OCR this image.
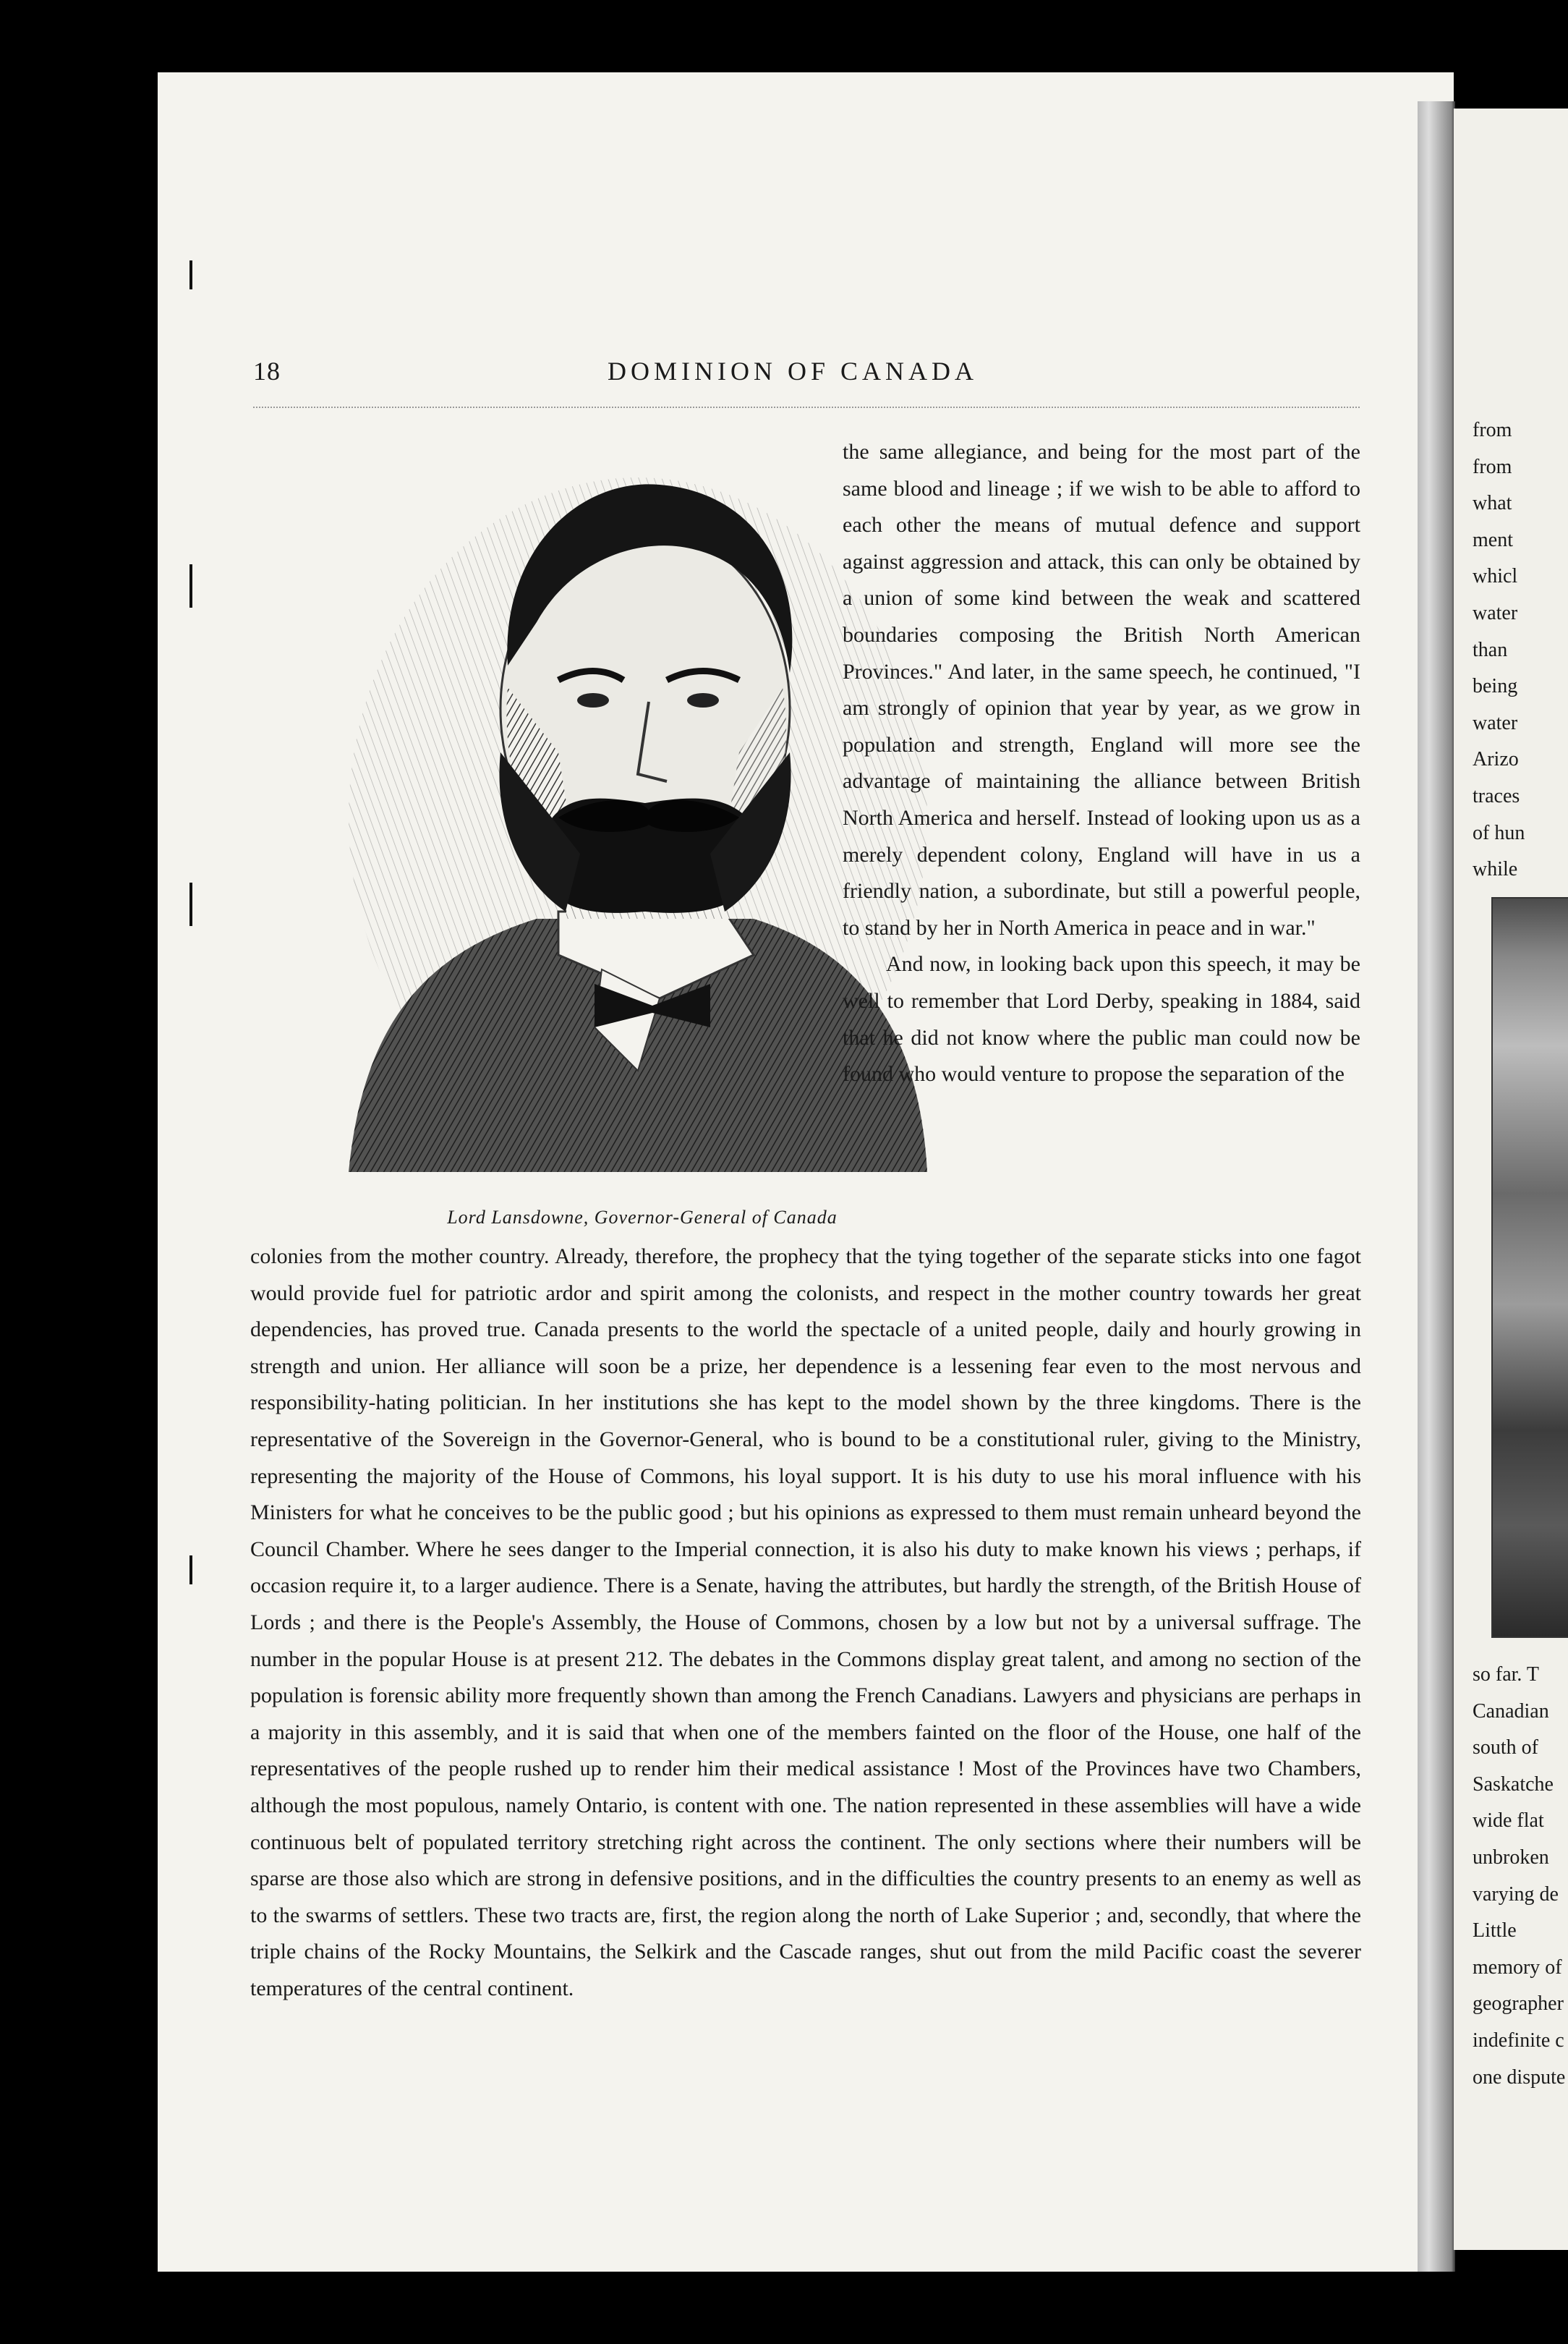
18	DOMINION OF CANADA
Lord Lansdowne, Governor-General of Canada

the same allegiance, and being for the most part of the same blood and lineage ; if we wish to be able to afford to each other the means of mutual defence and support against aggression and attack, this can only be obtained by a union of some kind between the weak and scattered boundaries composing the British North American Provinces." And later, in the same speech, he continued, "I am strongly of opinion that year by year, as we grow in population and strength, England will more see the advantage of maintaining the alliance between British North America and herself. Instead of looking upon us as a merely dependent colony, England will have in us a friendly nation, a subordinate, but still a powerful people, to stand by her in North America in peace and in war."

And now, in looking back upon this speech, it may be well to remember that Lord Derby, speaking in 1884, said that he did not know where the public man could now be found who would venture to propose the separation of the

colonies from the mother country. Already, therefore, the prophecy that the tying together of the separate sticks into one fagot would provide fuel for patriotic ardor and spirit among the colonists, and respect in the mother country towards her great dependencies, has proved true. Canada presents to the world the spectacle of a united people, daily and hourly growing in strength and union. Her alliance will soon be a prize, her dependence is a lessening fear even to the most nervous and responsibility-hating politician. In her institutions she has kept to the model shown by the three kingdoms. There is the representative of the Sovereign in the Governor-General, who is bound to be a constitutional ruler, giving to the Ministry, representing the majority of the House of Commons, his loyal support. It is his duty to use his moral influence with his Ministers for what he conceives to be the public good ; but his opinions as expressed to them must remain unheard beyond the Council Chamber. Where he sees danger to the Imperial connection, it is also his duty to make known his views ; perhaps, if occasion require it, to a larger audience. There is a Senate, having the attributes, but hardly the strength, of the British House of Lords ; and there is the People's Assembly, the House of Commons, chosen by a low but not by a universal suffrage. The number in the popular House is at present 212. The debates in the Commons display great talent, and among no section of the population is forensic ability more frequently shown than among the French Canadians. Lawyers and physicians are perhaps in a majority in this assembly, and it is said that when one of the members fainted on the floor of the House, one half of the representatives of the people rushed up to render him their medical assistance ! Most of the Provinces have two Chambers, although the most populous, namely Ontario, is content with one. The nation represented in these assemblies will have a wide continuous belt of populated territory stretching right across the continent. The only sections where their numbers will be sparse are those also which are strong in defensive positions, and in the difficulties the country presents to an enemy as well as to the swarms of settlers. These two tracts are, first, the region along the north of Lake Superior ; and, secondly, that where the triple chains of the Rocky Mountains, the Selkirk and the Cascade ranges, shut out from the mild Pacific coast the severer temperatures of the central continent.

from
from
what
ment
whicl
water
than
being
water
Arizo
traces
of hun
while
so far. T
Canadian
south of
Saskatche
wide flat
unbroken
varying de
Little
memory of
geographer
indefinite c
one dispute
